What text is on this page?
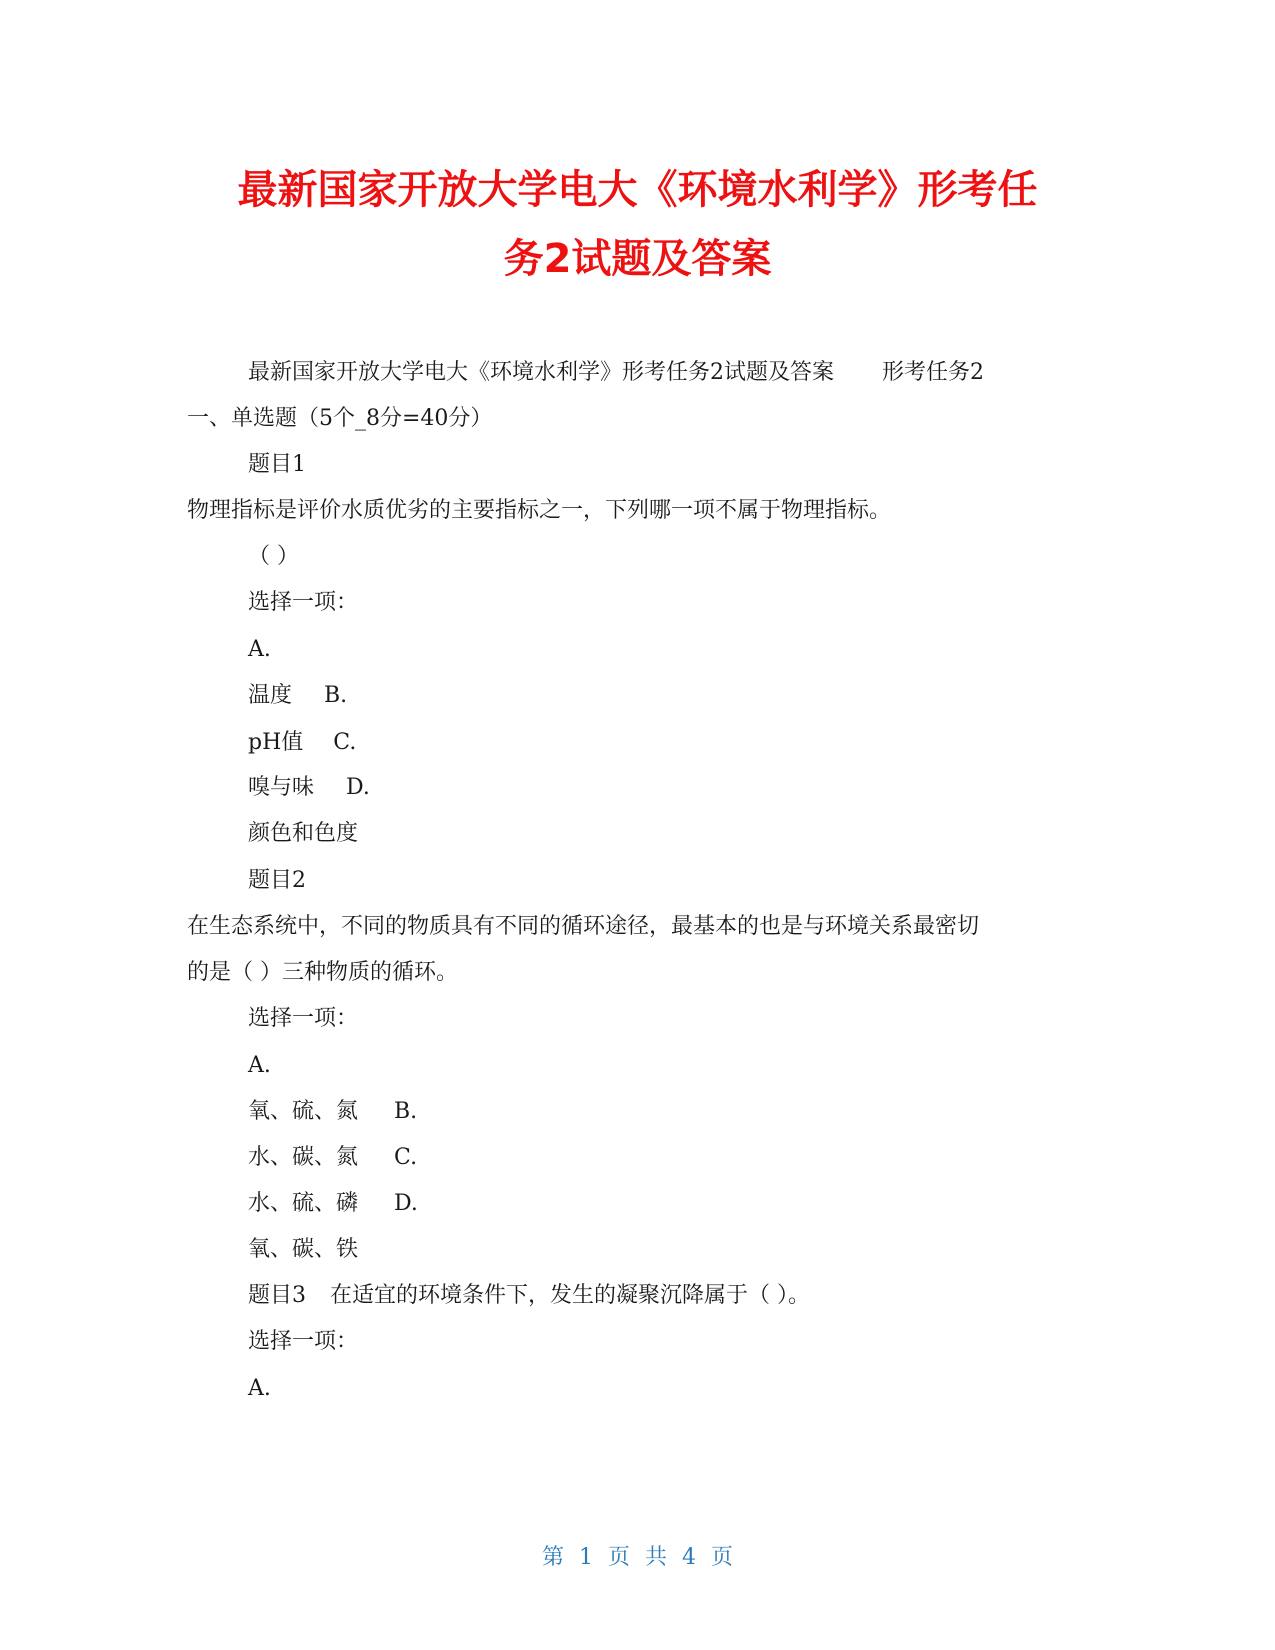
最新国家开放大学电大《环境水利学》形考任
务2试题及答案
最新国家开放大学电大《环境水利学》形考任务2试题及答案 形考任务2
一、单选题（5个_8分=40分）
题目1
物理指标是评价水质优劣的主要指标之一，下列哪一项不属于物理指标。
（ ）
选择一项：
A.
温度 B.
pH值 C.
嗅与味 D.
颜色和色度
题目2
在生态系统中，不同的物质具有不同的循环途径，最基本的也是与环境关系最密切
的是（ ）三种物质的循环。
选择一项：
A.
氧、硫、氮 B.
水、碳、氮 C.
水、硫、磷 D.
氧、碳、铁
题目3 在适宜的环境条件下，发生的凝聚沉降属于（ ）。
选择一项：
A.
第 1 页 共 4 页
